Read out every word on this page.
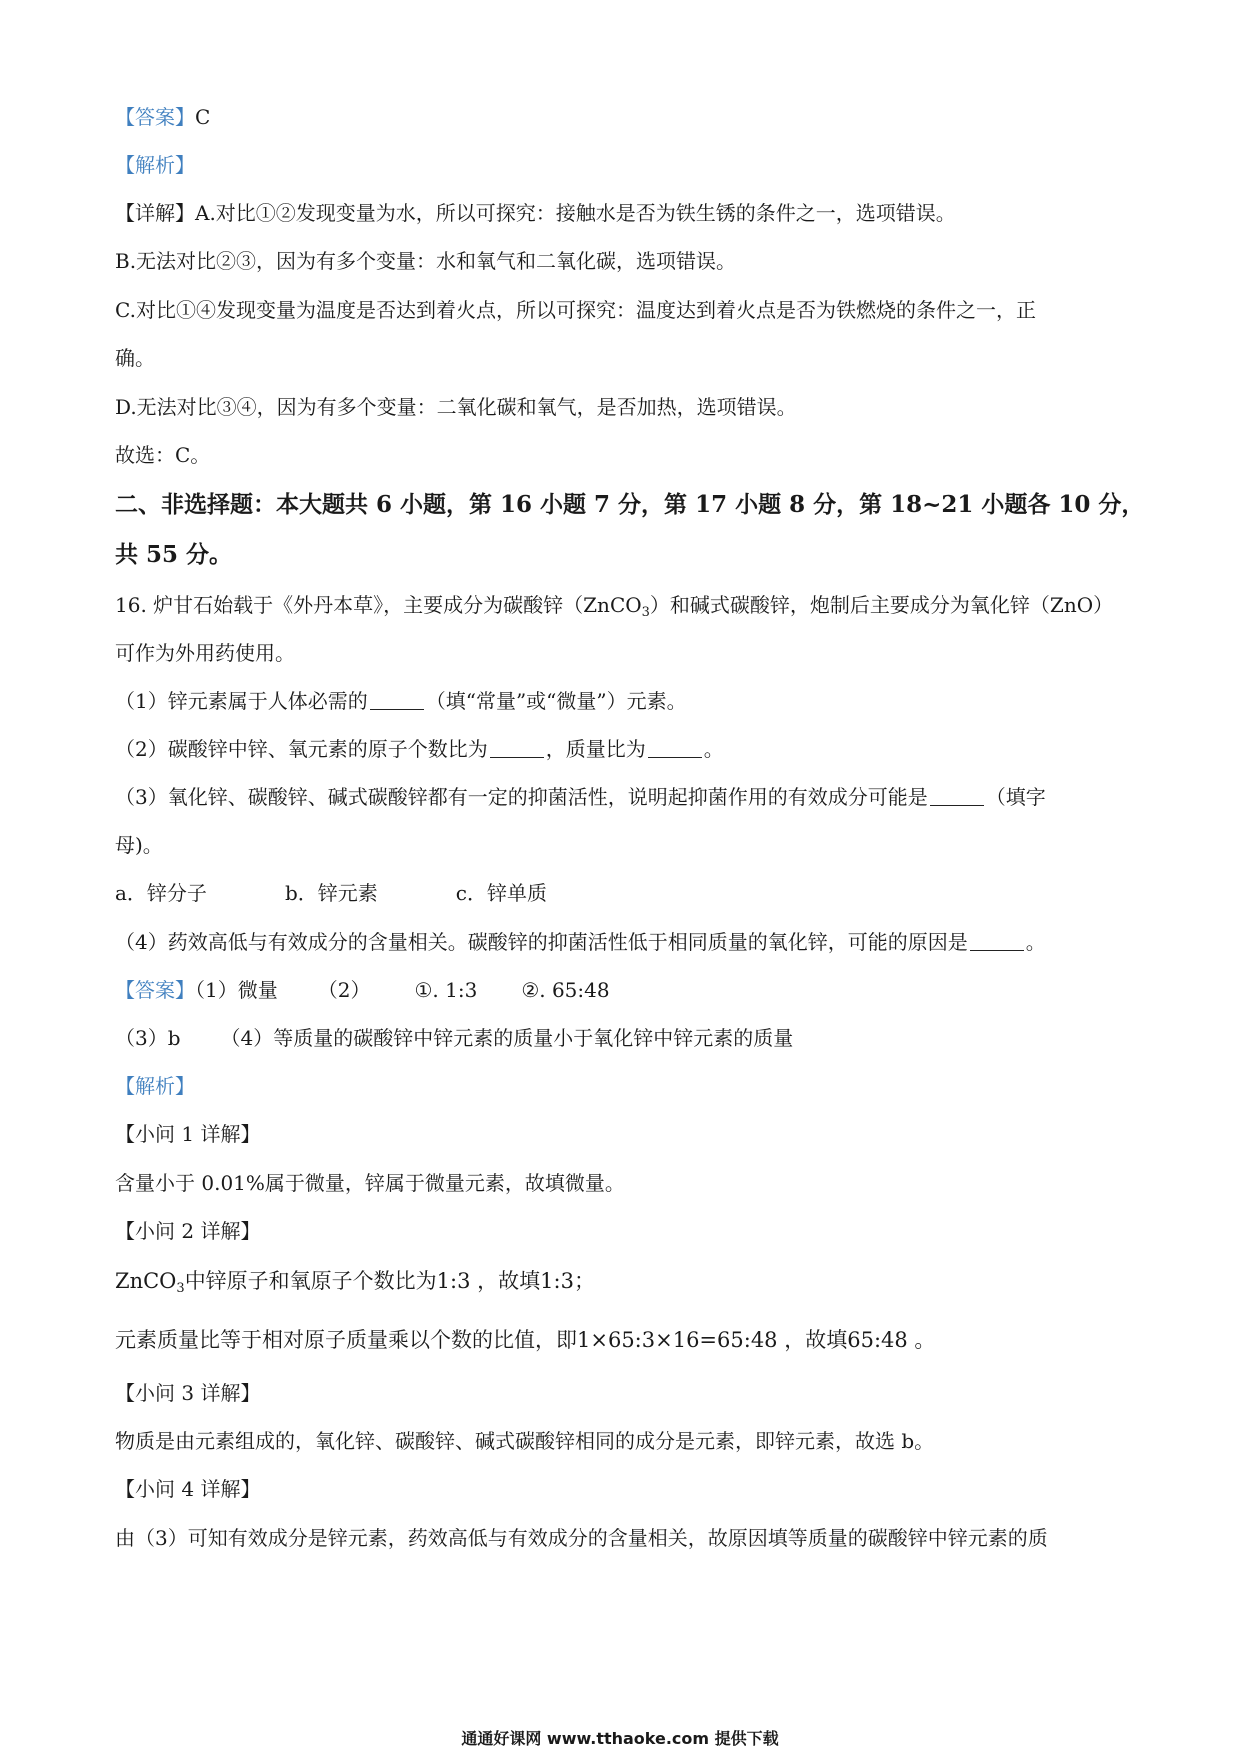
【答案】C
【解析】
【详解】A.对比①②发现变量为水，所以可探究：接触水是否为铁生锈的条件之一，选项错误。
B.无法对比②③，因为有多个变量：水和氧气和二氧化碳，选项错误。
C.对比①④发现变量为温度是否达到着火点，所以可探究：温度达到着火点是否为铁燃烧的条件之一，正
确。
D.无法对比③④，因为有多个变量：二氧化碳和氧气，是否加热，选项错误。
故选：C。
二、非选择题：本大题共 6 小题，第 16 小题 7 分，第 17 小题 8 分，第 18~21 小题各 10 分，
共 55 分。
16. 炉甘石始载于《外丹本草》，主要成分为碳酸锌（ZnCO$_3$）和碱式碳酸锌，炮制后主要成分为氧化锌（ZnO）
可作为外用药使用。
（1）锌元素属于人体必需的	（填“常量”或“微量”）元素。
（2）碳酸锌中锌、氧元素的原子个数比为	，质量比为	。
（3）氧化锌、碳酸锌、碱式碳酸锌都有一定的抑菌活性，说明起抑菌作用的有效成分可能是	（填字
母)。
a．锌分子	b．锌元素	c．锌单质
（4）药效高低与有效成分的含量相关。碳酸锌的抑菌活性低于相同质量的氧化锌，可能的原因是	。
【答案】（1）微量 （2） ①. 1:3 ②. 65:48
（3）b （4）等质量的碳酸锌中锌元素的质量小于氧化锌中锌元素的质量
【解析】
【小问 1 详解】
含量小于 0.01%属于微量，锌属于微量元素，故填微量。
【小问 2 详解】
ZnCO$_3$中锌原子和氧原子个数比为1:3 ，故填1:3；
元素质量比等于相对原子质量乘以个数的比值，即1×65:3×16=65:48 ，故填65:48 。
【小问 3 详解】
物质是由元素组成的，氧化锌、碳酸锌、碱式碳酸锌相同的成分是元素，即锌元素，故选 b。
【小问 4 详解】
由（3）可知有效成分是锌元素，药效高低与有效成分的含量相关，故原因填等质量的碳酸锌中锌元素的质
通通好课网 www.tthaoke.com 提供下载
